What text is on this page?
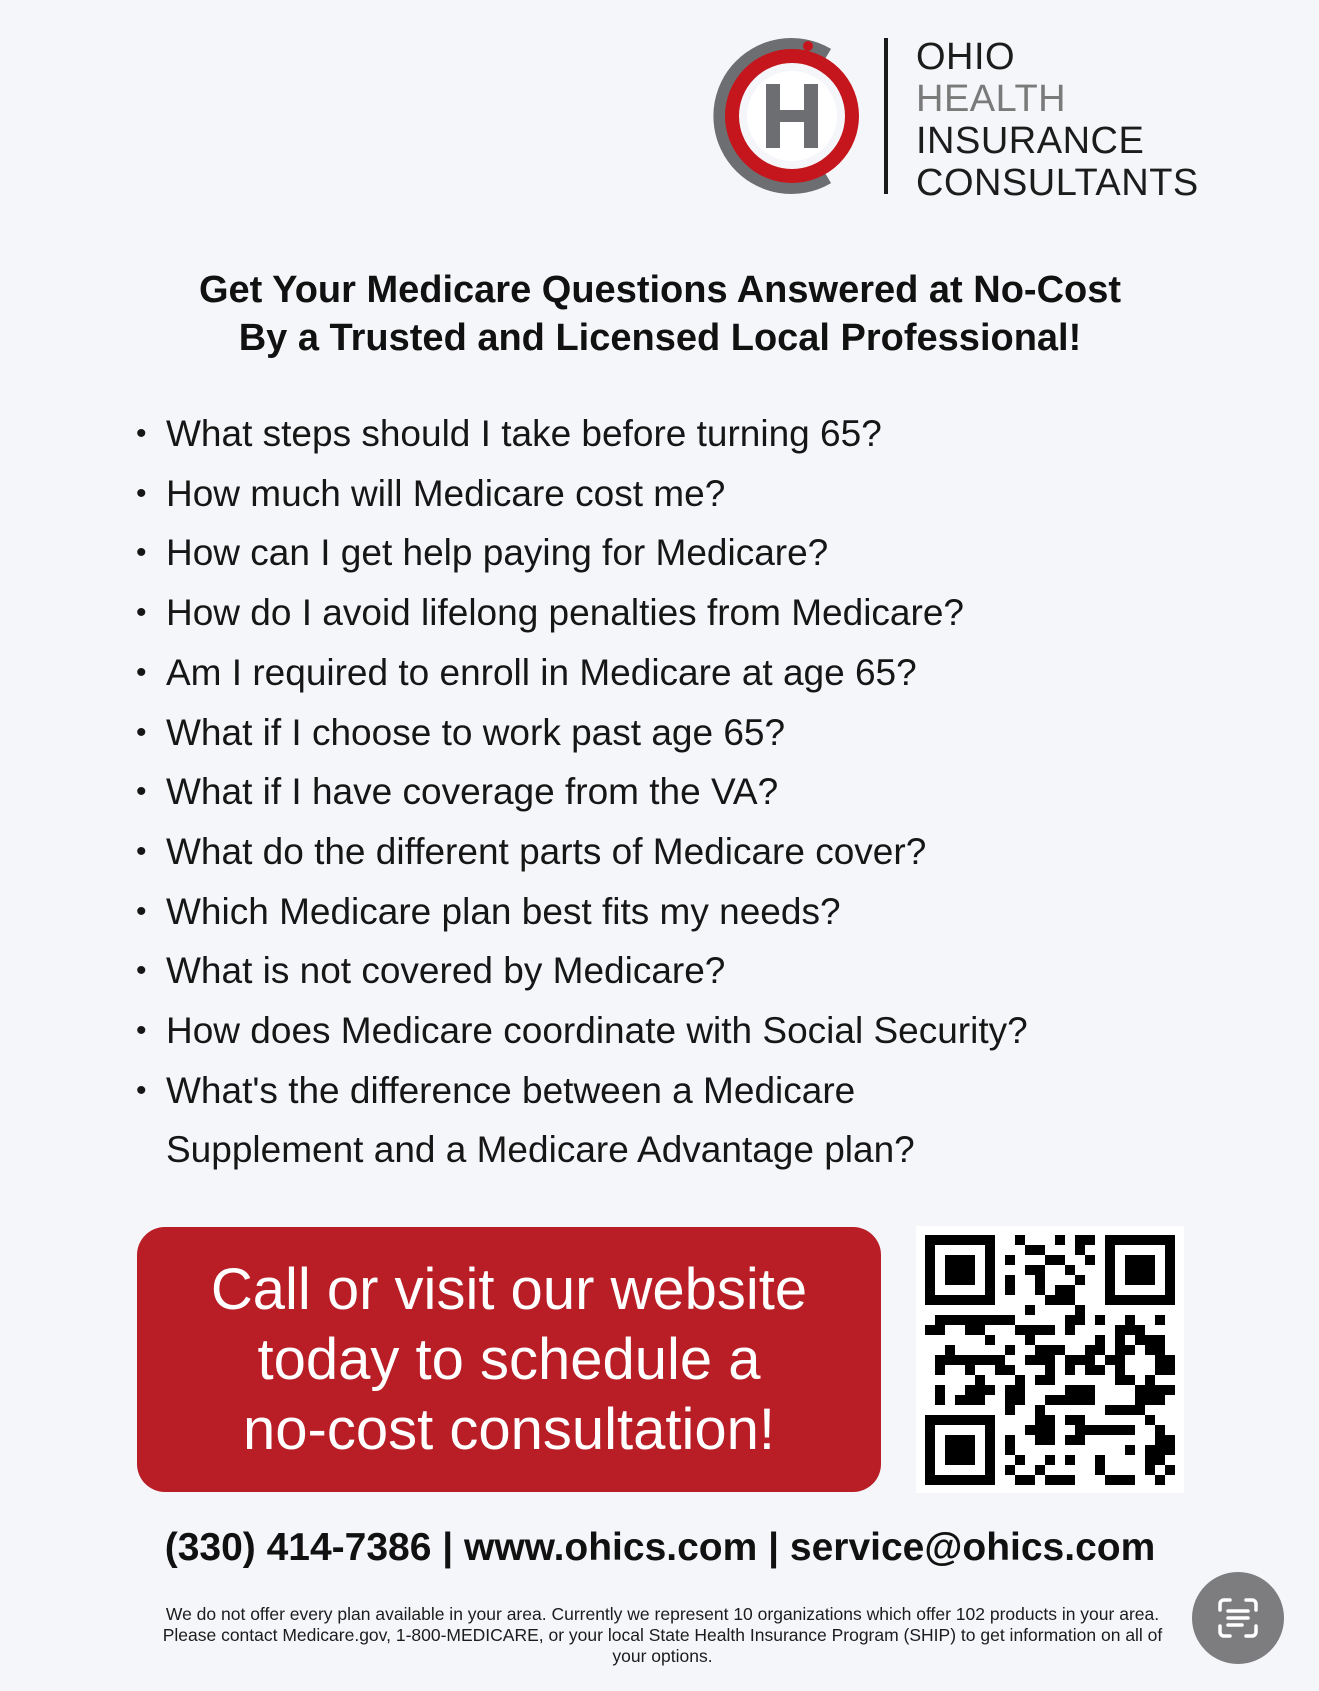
OHIO
HEALTH
INSURANCE
CONSULTANTS
Get Your Medicare Questions Answered at No-Cost
By a Trusted and Licensed Local Professional!
• What steps should I take before turning 65?
• How much will Medicare cost me?
• How can I get help paying for Medicare?
• How do I avoid lifelong penalties from Medicare?
• Am I required to enroll in Medicare at age 65?
• What if I choose to work past age 65?
• What if I have coverage from the VA?
• What do the different parts of Medicare cover?
• Which Medicare plan best fits my needs?
• What is not covered by Medicare?
• How does Medicare coordinate with Social Security?
• What's the difference between a Medicare Supplement and a Medicare Advantage plan?
Call or visit our website
today to schedule a
no-cost consultation!
(330) 414-7386 | www.ohics.com | service@ohics.com
We do not offer every plan available in your area. Currently we represent 10 organizations which offer 102 products in your area. Please contact Medicare.gov, 1-800-MEDICARE, or your local State Health Insurance Program (SHIP) to get information on all of your options.
